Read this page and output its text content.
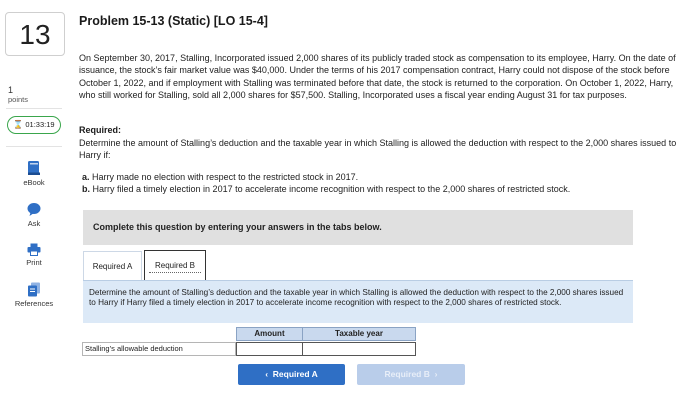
13
1
points
⌛ 01:33:19
eBook
Ask
Print
References
Problem 15-13 (Static) [LO 15-4]
On September 30, 2017, Stalling, Incorporated issued 2,000 shares of its publicly traded stock as compensation to its employee, Harry. On the date of issuance, the stock’s fair market value was $40,000. Under the terms of his 2017 compensation contract, Harry could not dispose of the stock before October 1, 2022, and if employment with Stalling was terminated before that date, the stock is returned to the corporation. On October 1, 2022, Harry, who still worked for Stalling, sold all 2,000 shares for $57,500. Stalling, Incorporated uses a fiscal year ending August 31 for tax purposes.
Required:
Determine the amount of Stalling’s deduction and the taxable year in which Stalling is allowed the deduction with respect to the 2,000 shares issued to Harry if:
a. Harry made no election with respect to the restricted stock in 2017.
b. Harry filed a timely election in 2017 to accelerate income recognition with respect to the 2,000 shares of restricted stock.
Complete this question by entering your answers in the tabs below.
Required A	Required B
Determine the amount of Stalling’s deduction and the taxable year in which Stalling is allowed the deduction with respect to the 2,000 shares issued to Harry if Harry filed a timely election in 2017 to accelerate income recognition with respect to the 2,000 shares of restricted stock.
Amount	Taxable year
Stalling’s allowable deduction
‹ Required A	Required B ›
